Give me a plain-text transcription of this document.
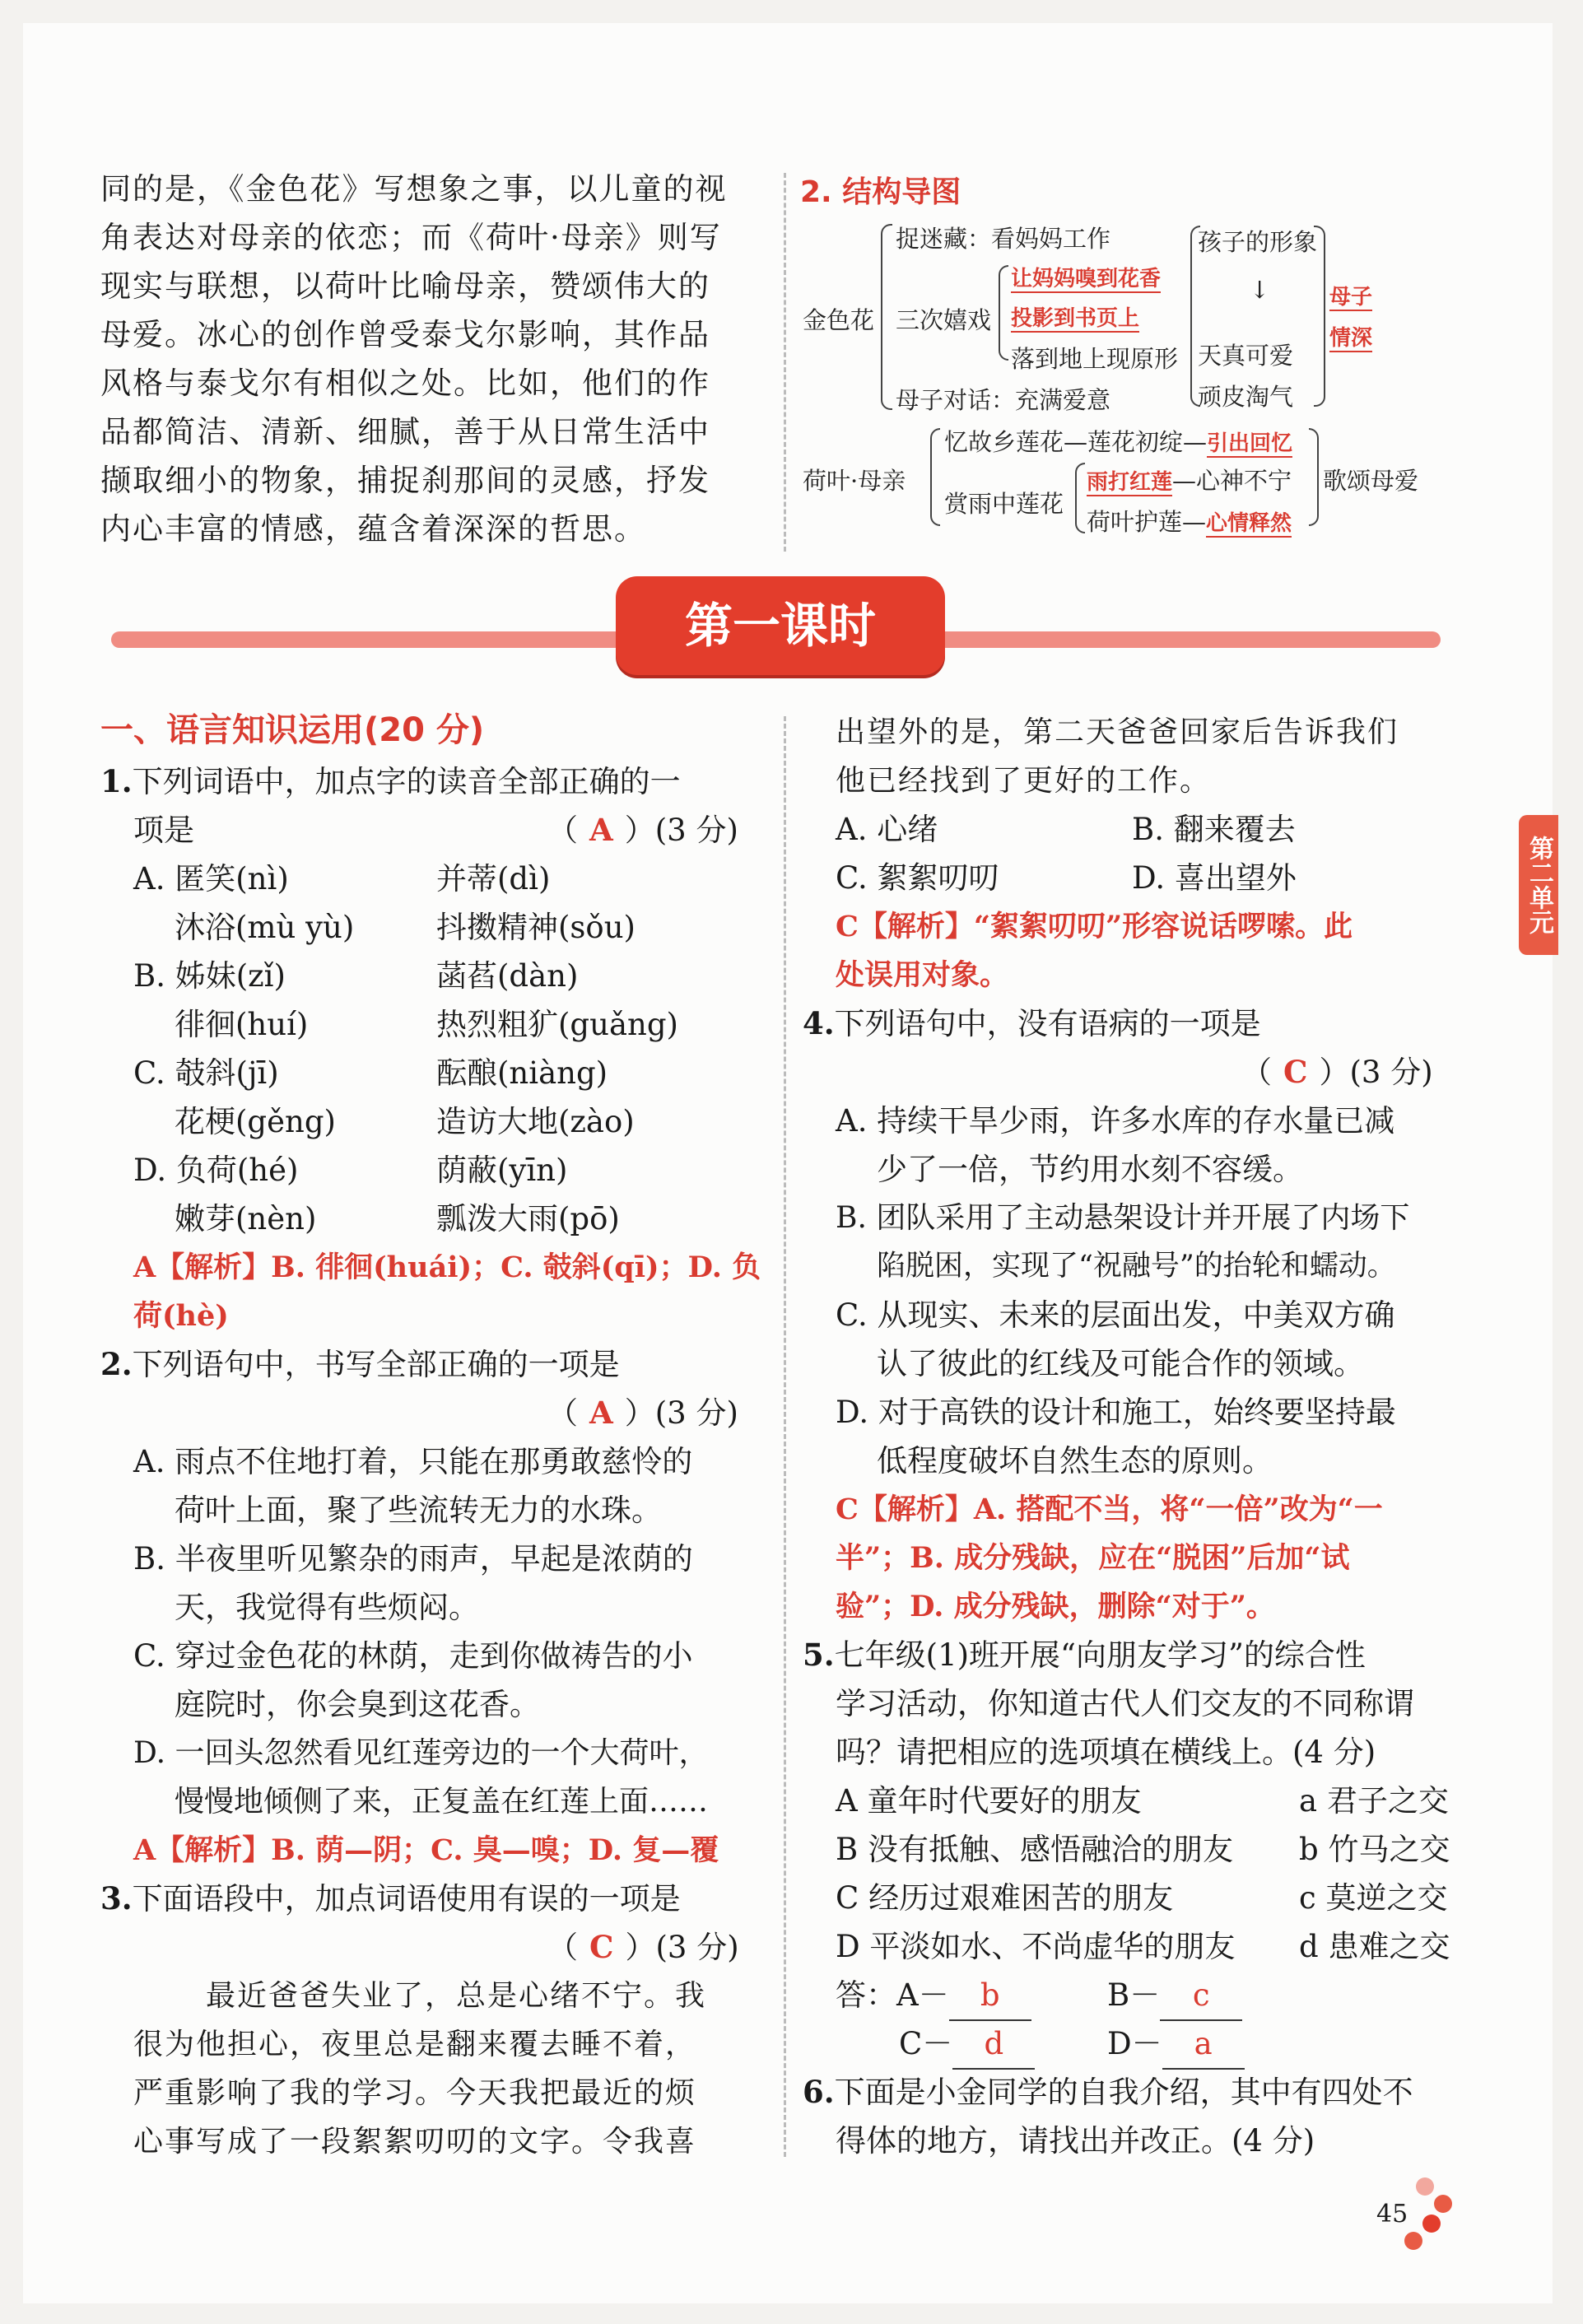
同的是，《金色花》写想象之事，以儿童的视
角表达对母亲的依恋；而《荷叶·母亲》则写
现实与联想，以荷叶比喻母亲，赞颂伟大的
母爱。冰心的创作曾受泰戈尔影响，其作品
风格与泰戈尔有相似之处。比如，他们的作
品都简洁、清新、细腻，善于从日常生活中
撷取细小的物象，捕捉刹那间的灵感，抒发
内心丰富的情感，蕴含着深深的哲思。
2. 结构导图
金色花
捉迷藏：看妈妈工作
三次嬉戏
让妈妈嗅到花香
投影到书页上
落到地上现原形
母子对话：充满爱意
孩子的形象
↓
天真可爱
顽皮淘气
母子
情深
荷叶·母亲
忆故乡莲花—莲花初绽—引出回忆
赏雨中莲花
雨打红莲—心神不宁
荷叶护莲—心情释然
歌颂母爱
第一课时
第二单元
一、语言知识运用(20 分)
1.下列词语中，加点字的读音全部正确的一
项是	（ A ）(3 分)
A. 匿笑(nì)	并蒂(dì)
沐浴(mù yù)	抖擞精神(sǒu)
B. 姊妹(zǐ)	菡萏(dàn)
徘徊(huí)	热烈粗犷(guǎng)
C. 攲斜(jī)	酝酿(niàng)
花梗(gěng)	造访大地(zào)
D. 负荷(hé)	荫蔽(yīn)
嫩芽(nèn)	瓢泼大雨(pō)
A【解析】B. 徘徊(huái)；C. 攲斜(qī)；D. 负
荷(hè)
2.下列语句中，书写全部正确的一项是
（ A ）(3 分)
A. 雨点不住地打着，只能在那勇敢慈怜的
荷叶上面，聚了些流转无力的水珠。
B. 半夜里听见繁杂的雨声，早起是浓荫的
天，我觉得有些烦闷。
C. 穿过金色花的林荫，走到你做祷告的小
庭院时，你会臭到这花香。
D. 一回头忽然看见红莲旁边的一个大荷叶，
慢慢地倾侧了来，正复盖在红莲上面……
A【解析】B. 荫—阴；C. 臭—嗅；D. 复—覆
3.下面语段中，加点词语使用有误的一项是
（ C ）(3 分)
最近爸爸失业了，总是心绪不宁。我
很为他担心，夜里总是翻来覆去睡不着，
严重影响了我的学习。今天我把最近的烦
心事写成了一段絮絮叨叨的文字。令我喜
出望外的是，第二天爸爸回家后告诉我们
他已经找到了更好的工作。
A. 心绪	B. 翻来覆去
C. 絮絮叨叨	D. 喜出望外
C【解析】“絮絮叨叨”形容说话啰嗦。此
处误用对象。
4.下列语句中，没有语病的一项是
（ C ）(3 分)
A. 持续干旱少雨，许多水库的存水量已减
少了一倍，节约用水刻不容缓。
B. 团队采用了主动悬架设计并开展了内场下
陷脱困，实现了“祝融号”的抬轮和蠕动。
C. 从现实、未来的层面出发，中美双方确
认了彼此的红线及可能合作的领域。
D. 对于高铁的设计和施工，始终要坚持最
低程度破坏自然生态的原则。
C【解析】A. 搭配不当，将“一倍”改为“一
半”；B. 成分残缺，应在“脱困”后加“试
验”；D. 成分残缺，删除“对于”。
5.七年级(1)班开展“向朋友学习”的综合性
学习活动，你知道古代人们交友的不同称谓
吗？请把相应的选项填在横线上。(4 分)
A 童年时代要好的朋友	a 君子之交
B 没有抵触、感悟融洽的朋友 b 竹马之交
C 经历过艰难困苦的朋友	c 莫逆之交
D 平淡如水、不尚虚华的朋友 d 患难之交
答：A－ b	B－ c
C－ d	D－ a
6.下面是小金同学的自我介绍，其中有四处不
得体的地方，请找出并改正。(4 分)
45
